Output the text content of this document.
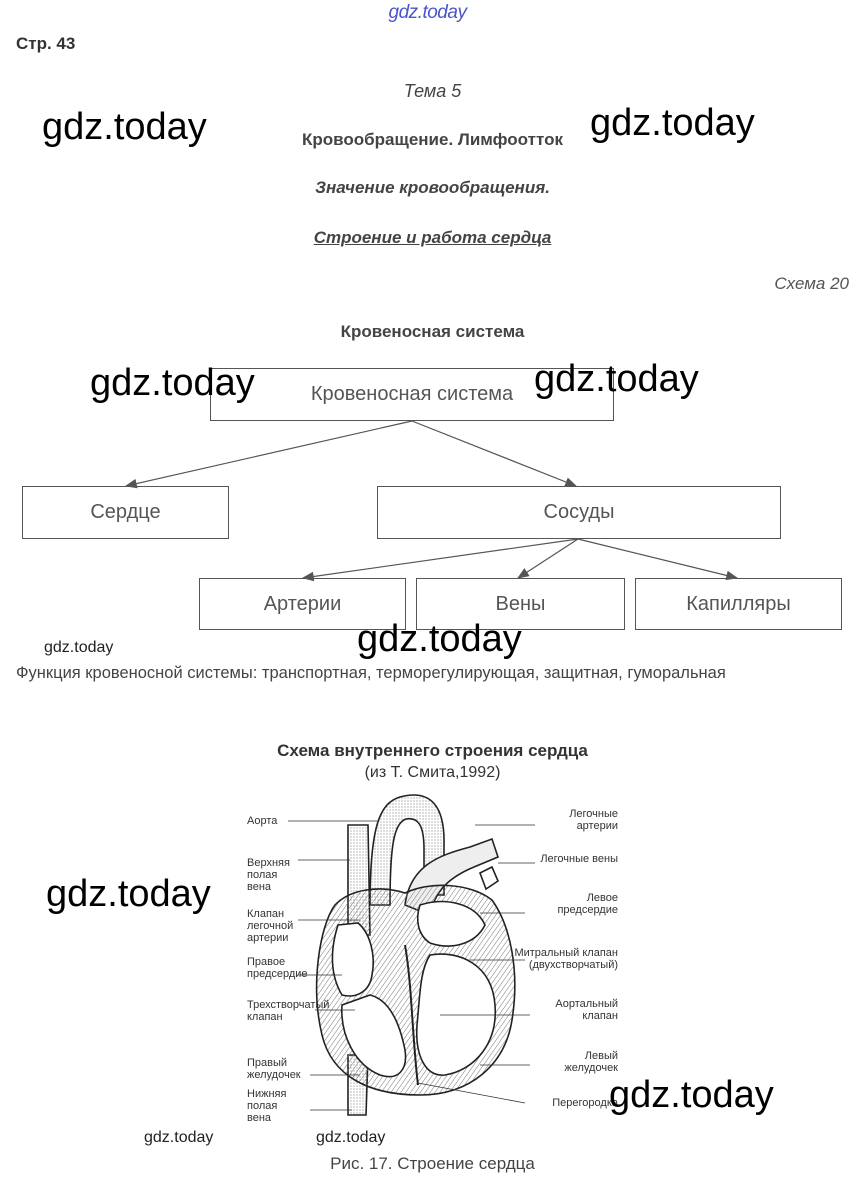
gdz.today
Стр. 43
Тема 5
Кровообращение. Лимфоотток
Значение кровообращения.
Строение и работа сердца
Схема 20
Кровеносная система
Кровеносная система
Сердце	Сосуды
Артерии	Вены	Капилляры
Функция кровеносной системы: транспортная, терморегулирующая, защитная, гуморальная
Схема внутреннего строения сердца
(из Т. Смита,1992)
Аорта
Верхняя полая вена
Клапан легочной артерии
Правое предсердие
Трехстворчатый клапан
Правый желудочек
Нижняя полая вена
Легочные артерии
Легочные вены
Левое предсердие
Митральный клапан (двухстворчатый)
Аортальный клапан
Левый желудочек
Перегородка
Рис. 17. Строение сердца
gdz.today	gdz.today
gdz.today	gdz.today
gdz.today
gdz.today
gdz.today
gdz.today
gdz.today	gdz.today
